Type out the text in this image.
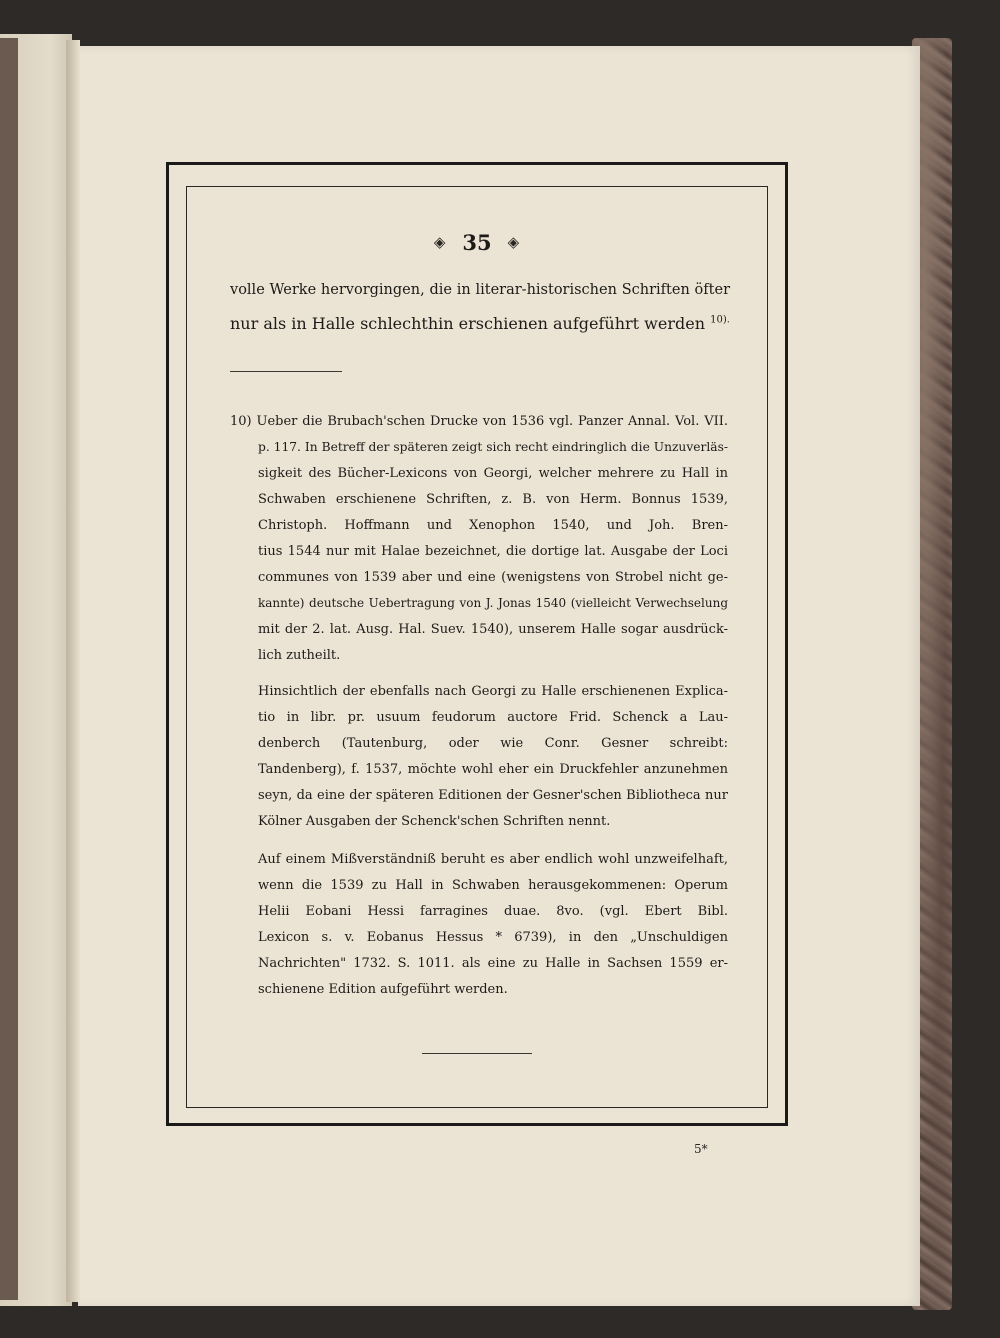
◈ 35 ◈

volle Werke hervorgingen, die in literar-historischen Schriften öfter

nur als in Halle schlechthin erschienen aufgeführt werden $^{10).}$

10) Ueber die Brubach'schen Drucke von 1536 vgl. Panzer Annal. Vol. VII.

p. 117. In Betreff der späteren zeigt sich recht eindringlich die Unzuverläs-

sigkeit des Bücher-Lexicons von Georgi, welcher mehrere zu Hall in

Schwaben erschienene Schriften, z. B. von Herm. Bonnus 1539,

Christoph. Hoffmann und Xenophon 1540, und Joh. Bren-

tius 1544 nur mit Halae bezeichnet, die dortige lat. Ausgabe der Loci

communes von 1539 aber und eine (wenigstens von Strobel nicht ge-

kannte) deutsche Uebertragung von J. Jonas 1540 (vielleicht Verwechselung

mit der 2. lat. Ausg. Hal. Suev. 1540), unserem Halle sogar ausdrück-

lich zutheilt.

Hinsichtlich der ebenfalls nach Georgi zu Halle erschienenen Explica-

tio in libr. pr. usuum feudorum auctore Frid. Schenck a Lau-

denberch (Tautenburg, oder wie Conr. Gesner schreibt:

Tandenberg), f. 1537, möchte wohl eher ein Druckfehler anzunehmen

seyn, da eine der späteren Editionen der Gesner'schen Bibliotheca nur

Kölner Ausgaben der Schenck'schen Schriften nennt.

Auf einem Mißverständniß beruht es aber endlich wohl unzweifelhaft,

wenn die 1539 zu Hall in Schwaben herausgekommenen: Operum

Helii Eobani Hessi farragines duae. 8vo. (vgl. Ebert Bibl.

Lexicon s. v. Eobanus Hessus * 6739), in den „Unschuldigen

Nachrichten" 1732. S. 1011. als eine zu Halle in Sachsen 1559 er-

schienene Edition aufgeführt werden.

5*
